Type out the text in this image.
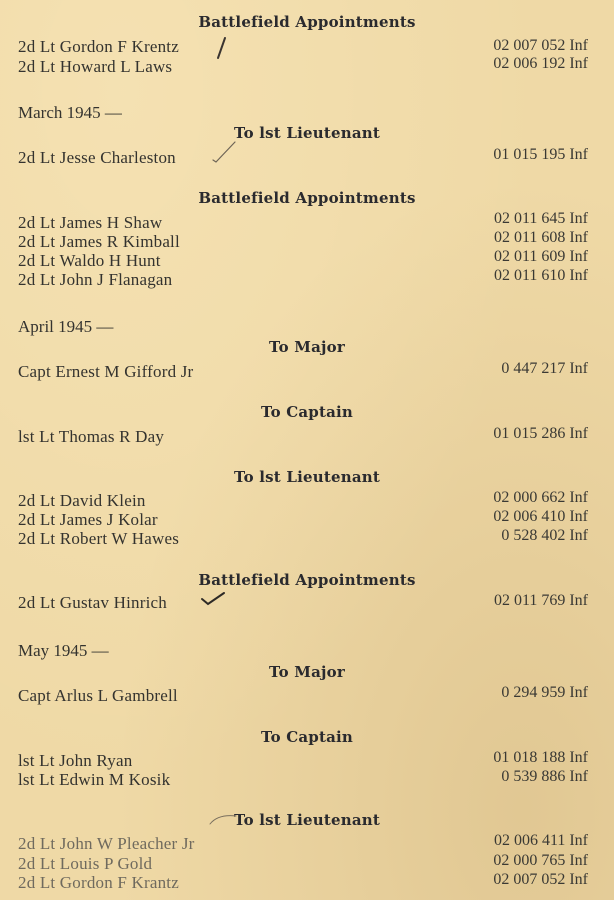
Battlefield Appointments
2d Lt Gordon F Krentz	02 007 052 Inf
2d Lt Howard L Laws	02 006 192 Inf
March 1945 —
To lst Lieutenant
2d Lt Jesse Charleston	01 015 195 Inf
Battlefield Appointments
2d Lt James H Shaw	02 011 645 Inf
2d Lt James R Kimball	02 011 608 Inf
2d Lt Waldo H Hunt	02 011 609 Inf
2d Lt John J Flanagan	02 011 610 Inf
April 1945 —
To Major
Capt Ernest M Gifford Jr	0 447 217 Inf
To Captain
lst Lt Thomas R Day	01 015 286 Inf
To lst Lieutenant
2d Lt David Klein	02 000 662 Inf
2d Lt James J Kolar	02 006 410 Inf
2d Lt Robert W Hawes	0 528 402 Inf
Battlefield Appointments
2d Lt Gustav Hinrich	02 011 769 Inf
May 1945 —
To Major
Capt Arlus L Gambrell	0 294 959 Inf
To Captain
lst Lt John Ryan	01 018 188 Inf
lst Lt Edwin M Kosik	0 539 886 Inf
To lst Lieutenant
2d Lt John W Pleacher Jr	02 006 411 Inf
2d Lt Louis P Gold	02 000 765 Inf
2d Lt Gordon F Krantz	02 007 052 Inf
